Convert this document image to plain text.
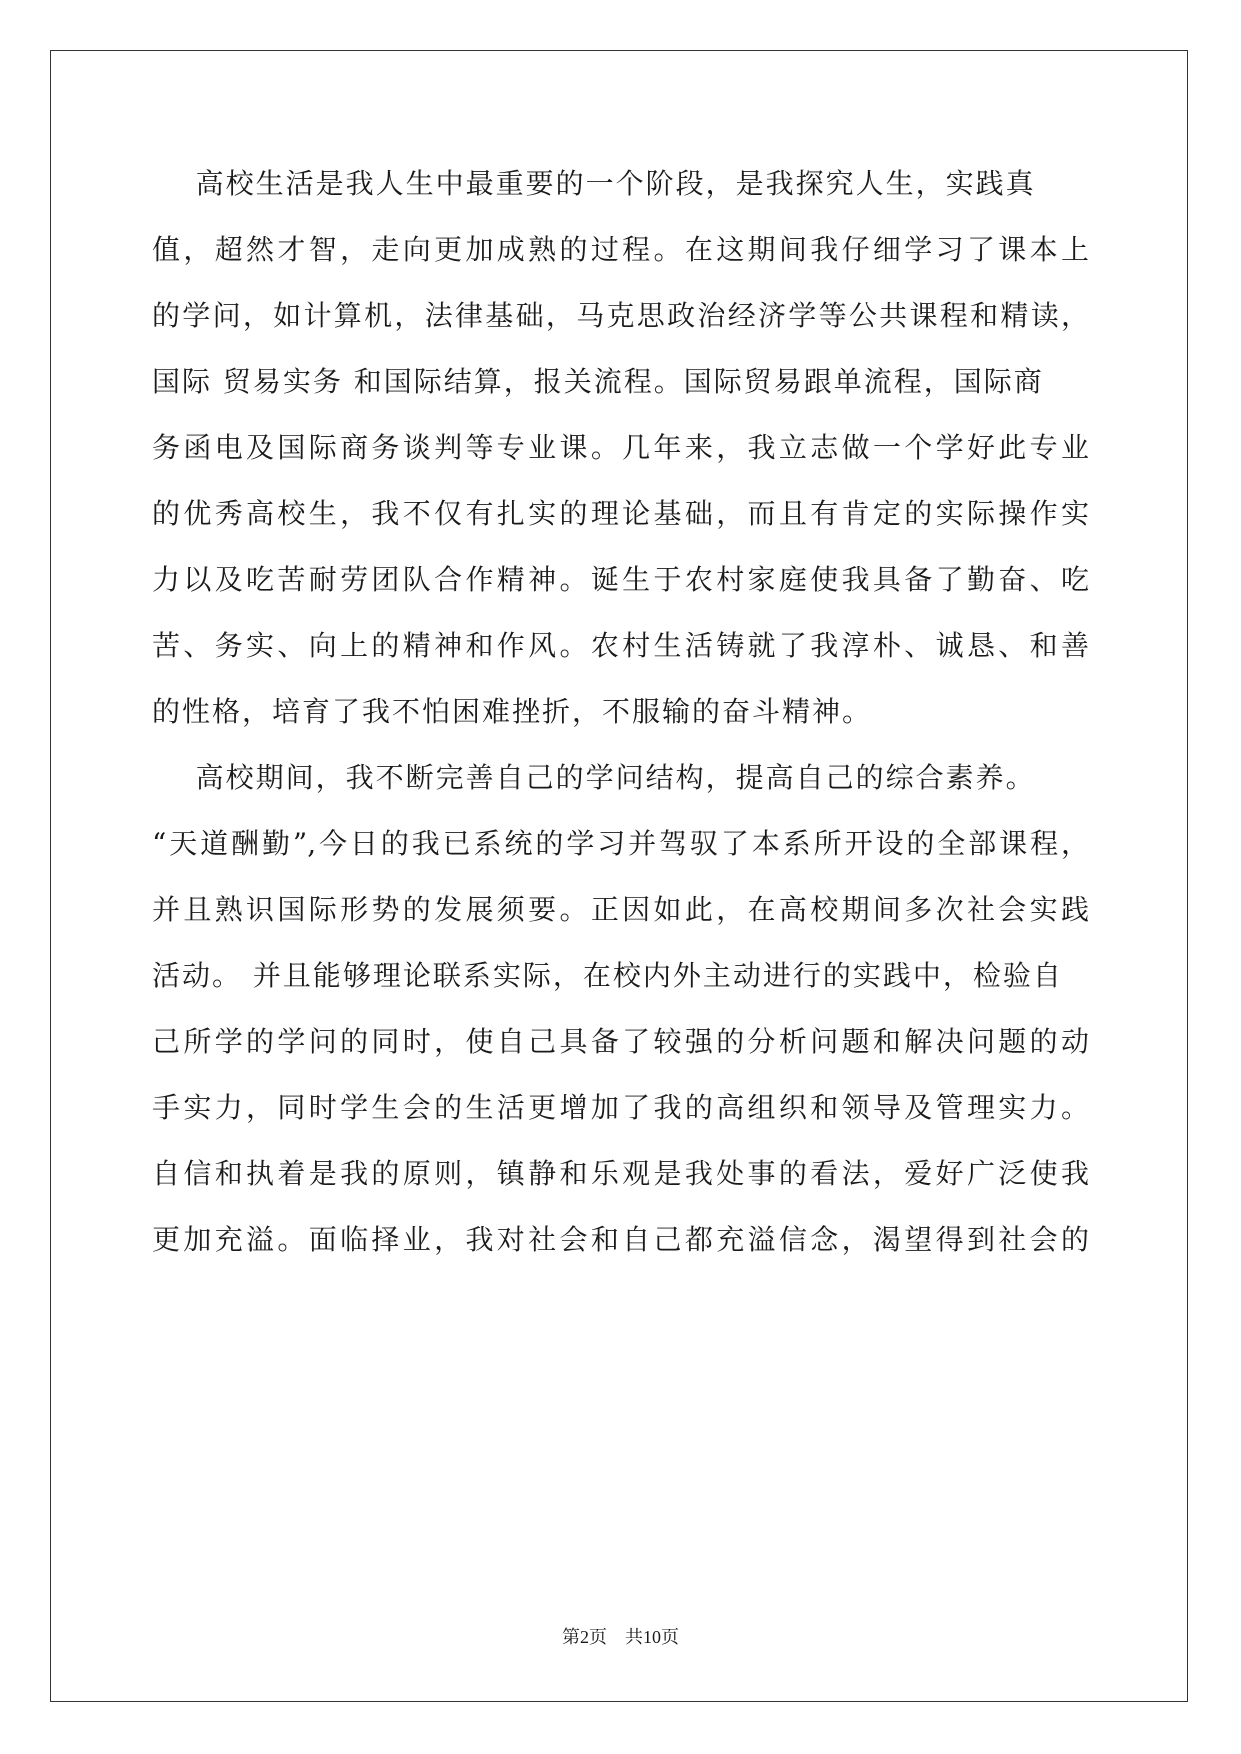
高校生活是我人生中最重要的一个阶段，是我探究人生，实践真
值，超然才智，走向更加成熟的过程。在这期间我仔细学习了课本上
的学问，如计算机，法律基础，马克思政治经济学等公共课程和精读，
国际 贸易实务 和国际结算，报关流程。国际贸易跟单流程，国际商
务函电及国际商务谈判等专业课。几年来，我立志做一个学好此专业
的优秀高校生，我不仅有扎实的理论基础，而且有肯定的实际操作实
力以及吃苦耐劳团队合作精神。诞生于农村家庭使我具备了勤奋、吃
苦、务实、向上的精神和作风。农村生活铸就了我淳朴、诚恳、和善
的性格，培育了我不怕困难挫折，不服输的奋斗精神。
高校期间，我不断完善自己的学问结构，提高自己的综合素养。
“天道酬勤”,今日的我已系统的学习并驾驭了本系所开设的全部课程，
并且熟识国际形势的发展须要。正因如此，在高校期间多次社会实践
活动。 并且能够理论联系实际，在校内外主动进行的实践中，检验自
己所学的学问的同时，使自己具备了较强的分析问题和解决问题的动
手实力，同时学生会的生活更增加了我的高组织和领导及管理实力。
自信和执着是我的原则，镇静和乐观是我处事的看法，爱好广泛使我
更加充溢。面临择业，我对社会和自己都充溢信念，渴望得到社会的
第2页 共10页
